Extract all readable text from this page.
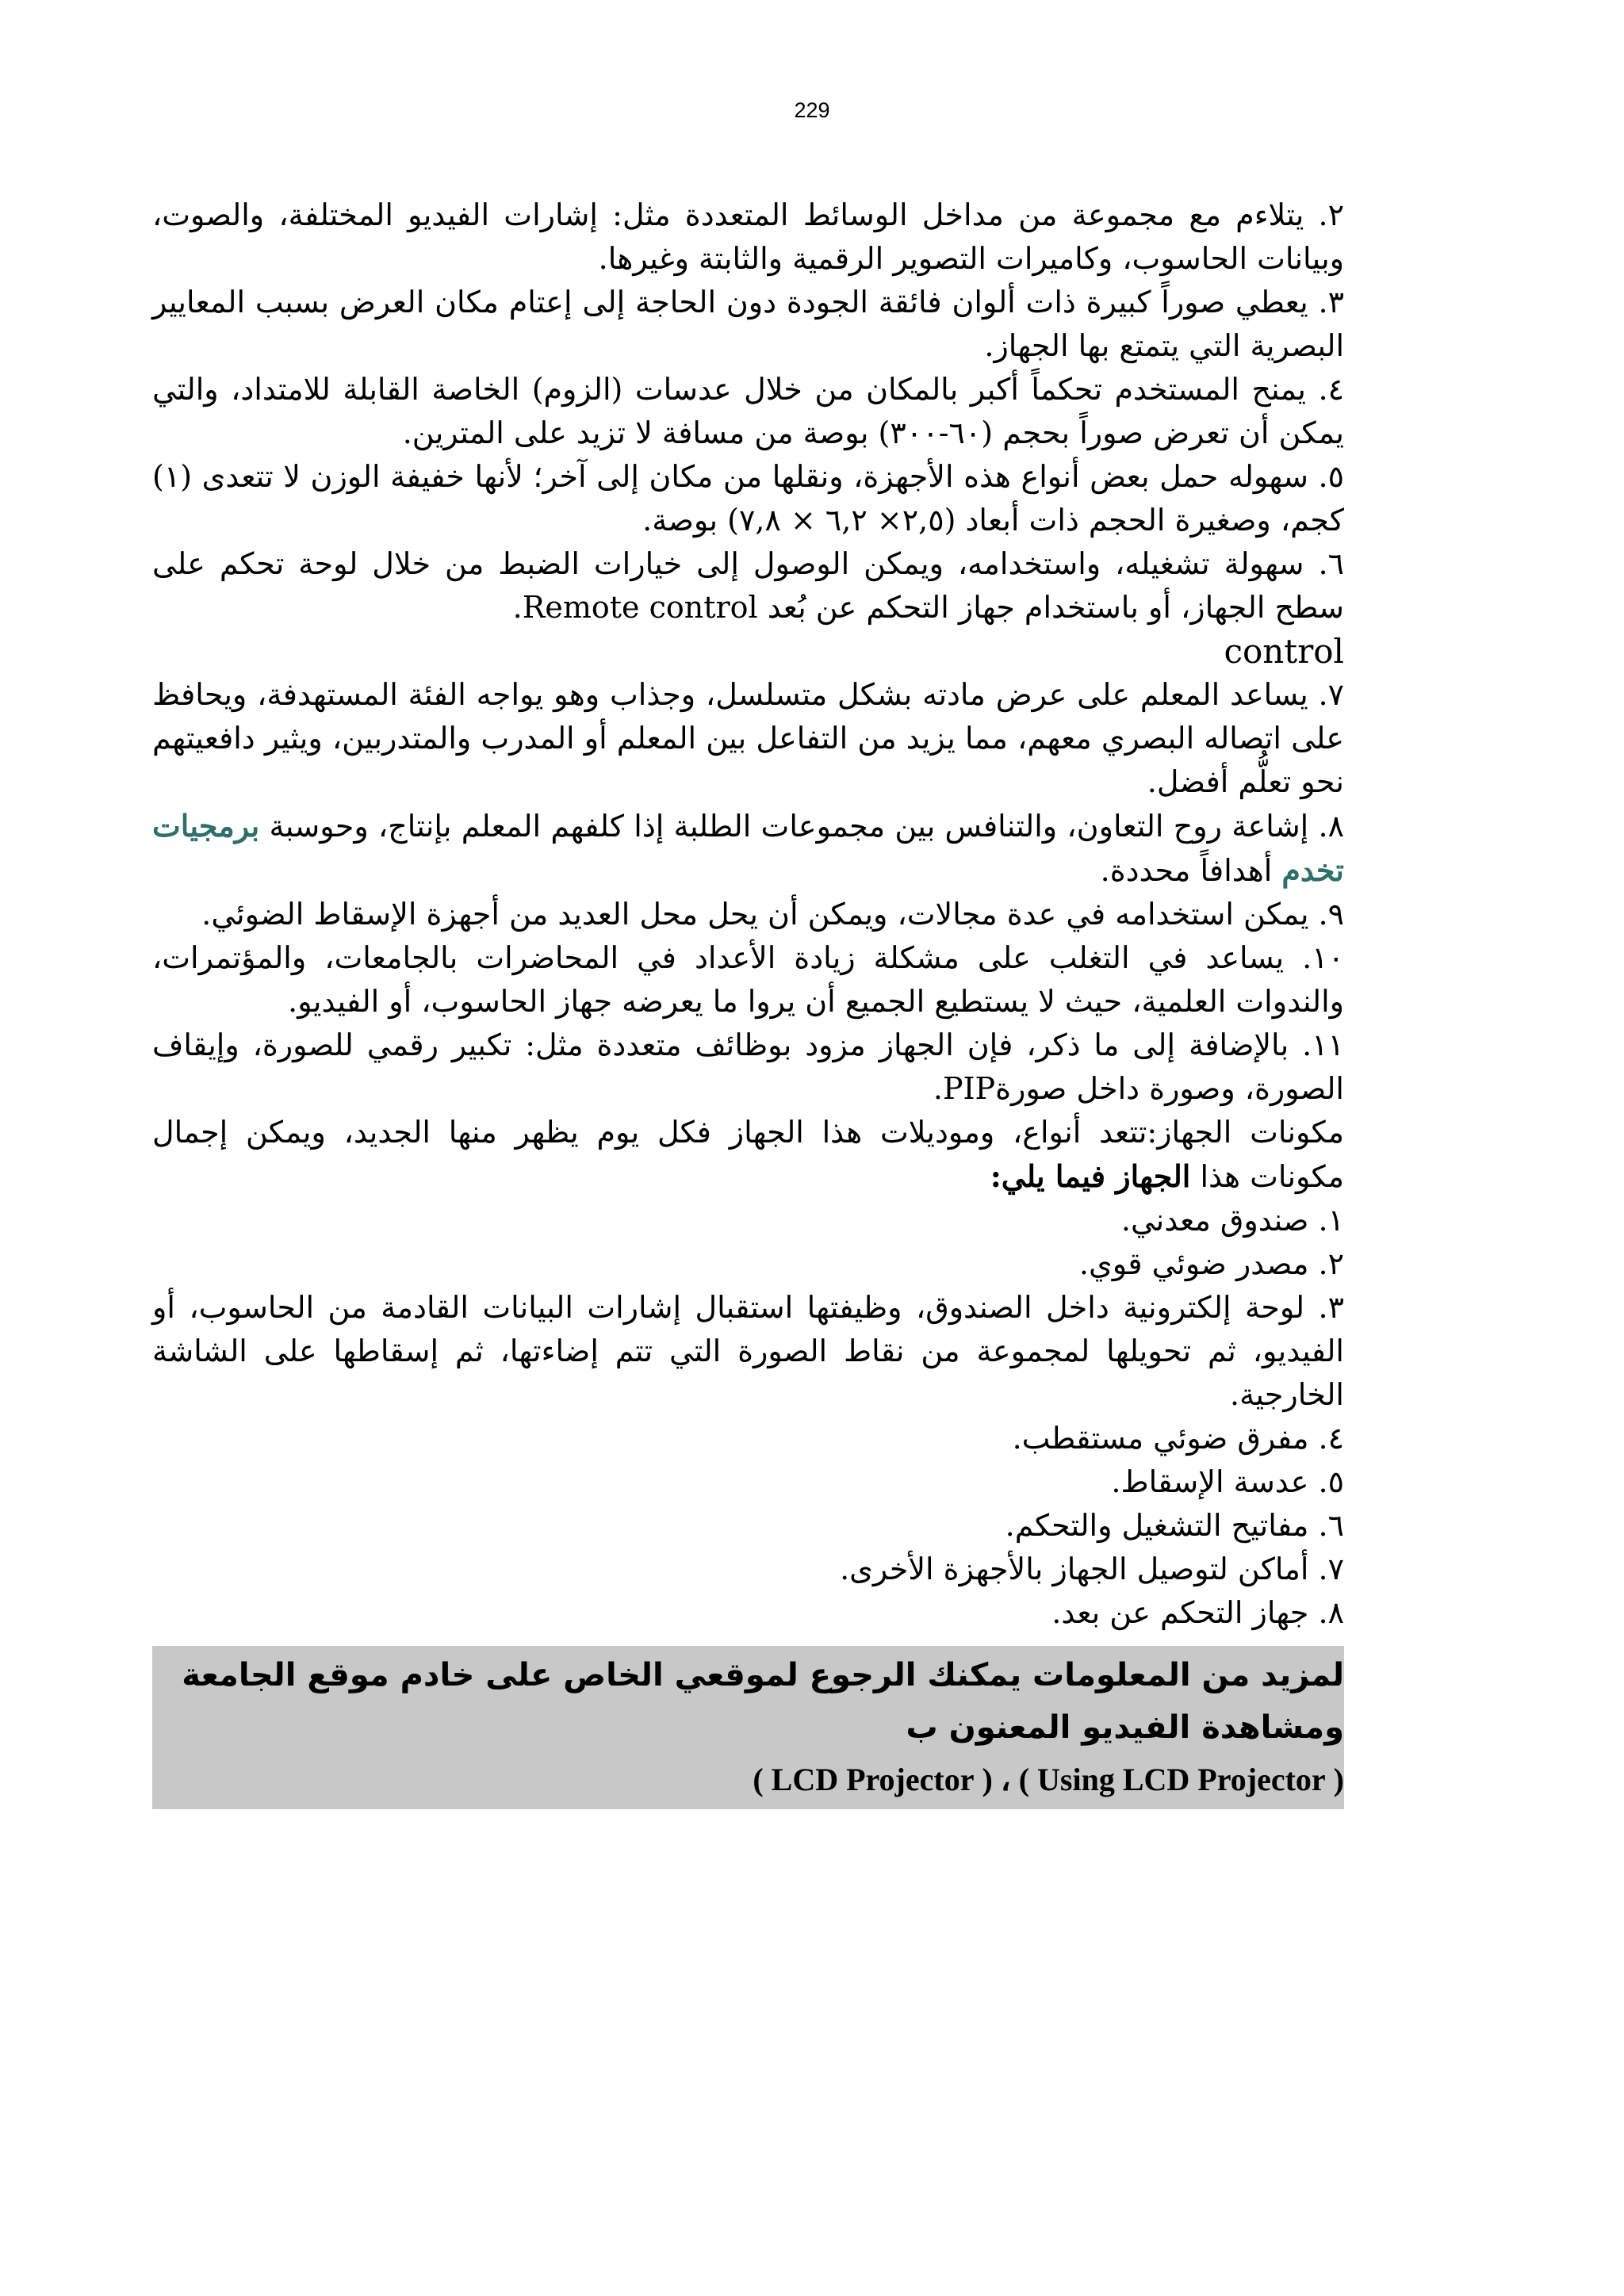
229

٢. يتلاءم مع مجموعة من مداخل الوسائط المتعددة مثل: إشارات الفيديو المختلفة، والصوت، وبيانات الحاسوب، وكاميرات التصوير الرقمية والثابتة وغيرها.

٣. يعطي صوراً كبيرة ذات ألوان فائقة الجودة دون الحاجة إلى إعتام مكان العرض بسبب المعايير البصرية التي يتمتع بها الجهاز.

٤. يمنح المستخدم تحكماً أكبر بالمكان من خلال عدسات (الزوم) الخاصة القابلة للامتداد، والتي يمكن أن تعرض صوراً بحجم (٦٠-٣٠٠) بوصة من مسافة لا تزيد على المترين.

٥. سهوله حمل بعض أنواع هذه الأجهزة، ونقلها من مكان إلى آخر؛ لأنها خفيفة الوزن لا تتعدى (١) كجم، وصغيرة الحجم ذات أبعاد (٢,٥× ٦,٢ × ٧,٨) بوصة.

٦. سهولة تشغيله، واستخدامه، ويمكن الوصول إلى خيارات الضبط من خلال لوحة تحكم على سطح الجهاز، أو باستخدام جهاز التحكم عن بُعد Remote control.

control

٧. يساعد المعلم على عرض مادته بشكل متسلسل، وجذاب وهو يواجه الفئة المستهدفة، ويحافظ على اتصاله البصري معهم، مما يزيد من التفاعل بين المعلم أو المدرب والمتدربين، ويثير دافعيتهم نحو تعلُّم أفضل.

٨. إشاعة روح التعاون، والتنافس بين مجموعات الطلبة إذا كلفهم المعلم بإنتاج، وحوسبة برمجيات تخدم أهدافاً محددة.

٩. يمكن استخدامه في عدة مجالات، ويمكن أن يحل محل العديد من أجهزة الإسقاط الضوئي.

١٠. يساعد في التغلب على مشكلة زيادة الأعداد في المحاضرات بالجامعات، والمؤتمرات، والندوات العلمية، حيث لا يستطيع الجميع أن يروا ما يعرضه جهاز الحاسوب، أو الفيديو.

١١. بالإضافة إلى ما ذكر، فإن الجهاز مزود بوظائف متعددة مثل: تكبير رقمي للصورة، وإيقاف الصورة، وصورة داخل صورةPIP.

مكونات الجهاز:تتعد أنواع، وموديلات هذا الجهاز فكل يوم يظهر منها الجديد، ويمكن إجمال مكونات هذا الجهاز فيما يلي:

١. صندوق معدني.

٢. مصدر ضوئي قوي.

٣. لوحة إلكترونية داخل الصندوق، وظيفتها استقبال إشارات البيانات القادمة من الحاسوب، أو الفيديو، ثم تحويلها لمجموعة من نقاط الصورة التي تتم إضاءتها، ثم إسقاطها على الشاشة الخارجية.

٤. مفرق ضوئي مستقطب.

٥. عدسة الإسقاط.

٦. مفاتيح التشغيل والتحكم.

٧. أماكن لتوصيل الجهاز بالأجهزة الأخرى.

٨. جهاز التحكم عن بعد.

لمزيد من المعلومات يمكنك الرجوع لموقعي الخاص على خادم موقع الجامعة
ومشاهدة الفيديو المعنون ب
( Using LCD Projector ) ، ( LCD Projector )
